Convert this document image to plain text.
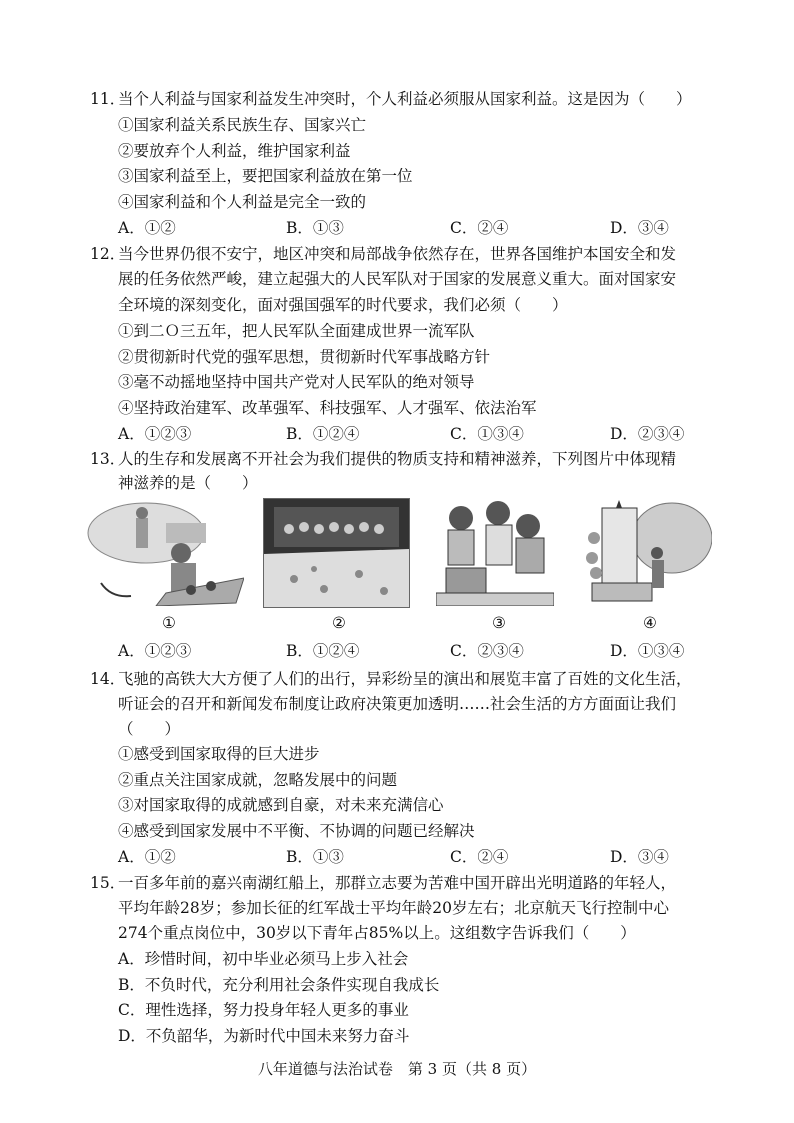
11．
当个人利益与国家利益发生冲突时，个人利益必须服从国家利益。这是因为（　　）
①国家利益关系民族生存、国家兴亡
②要放弃个人利益，维护国家利益
③国家利益至上，要把国家利益放在第一位
④国家利益和个人利益是完全一致的
A．①②	B．①③	C．②④	D．③④
12．
当今世界仍很不安宁，地区冲突和局部战争依然存在，世界各国维护本国安全和发
展的任务依然严峻，建立起强大的人民军队对于国家的发展意义重大。面对国家安
全环境的深刻变化，面对强国强军的时代要求，我们必须（　　）
①到二Ｏ三五年，把人民军队全面建成世界一流军队
②贯彻新时代党的强军思想，贯彻新时代军事战略方针
③毫不动摇地坚持中国共产党对人民军队的绝对领导
④坚持政治建军、改革强军、科技强军、人才强军、依法治军
A．①②③	B．①②④	C．①③④	D．②③④
13．
人的生存和发展离不开社会为我们提供的物质支持和精神滋养，下列图片中体现精
神滋养的是（　　）
①	②	③	④
A．①②③	B．①②④	C．②③④	D．①③④
14．
飞驰的高铁大大方便了人们的出行，异彩纷呈的演出和展览丰富了百姓的文化生活，
听证会的召开和新闻发布制度让政府决策更加透明……社会生活的方方面面让我们
（　　）
①感受到国家取得的巨大进步
②重点关注国家成就，忽略发展中的问题
③对国家取得的成就感到自豪，对未来充满信心
④感受到国家发展中不平衡、不协调的问题已经解决
A．①②	B．①③	C．②④	D．③④
15．
一百多年前的嘉兴南湖红船上，那群立志要为苦难中国开辟出光明道路的年轻人，
平均年龄28岁；参加长征的红军战士平均年龄20岁左右；北京航天飞行控制中心
274个重点岗位中，30岁以下青年占85%以上。这组数字告诉我们（　　）
A．珍惜时间，初中毕业必须马上步入社会
B．不负时代，充分利用社会条件实现自我成长
C．理性选择，努力投身年轻人更多的事业
D．不负韶华，为新时代中国未来努力奋斗
八年道德与法治试卷　第 3 页（共 8 页）
